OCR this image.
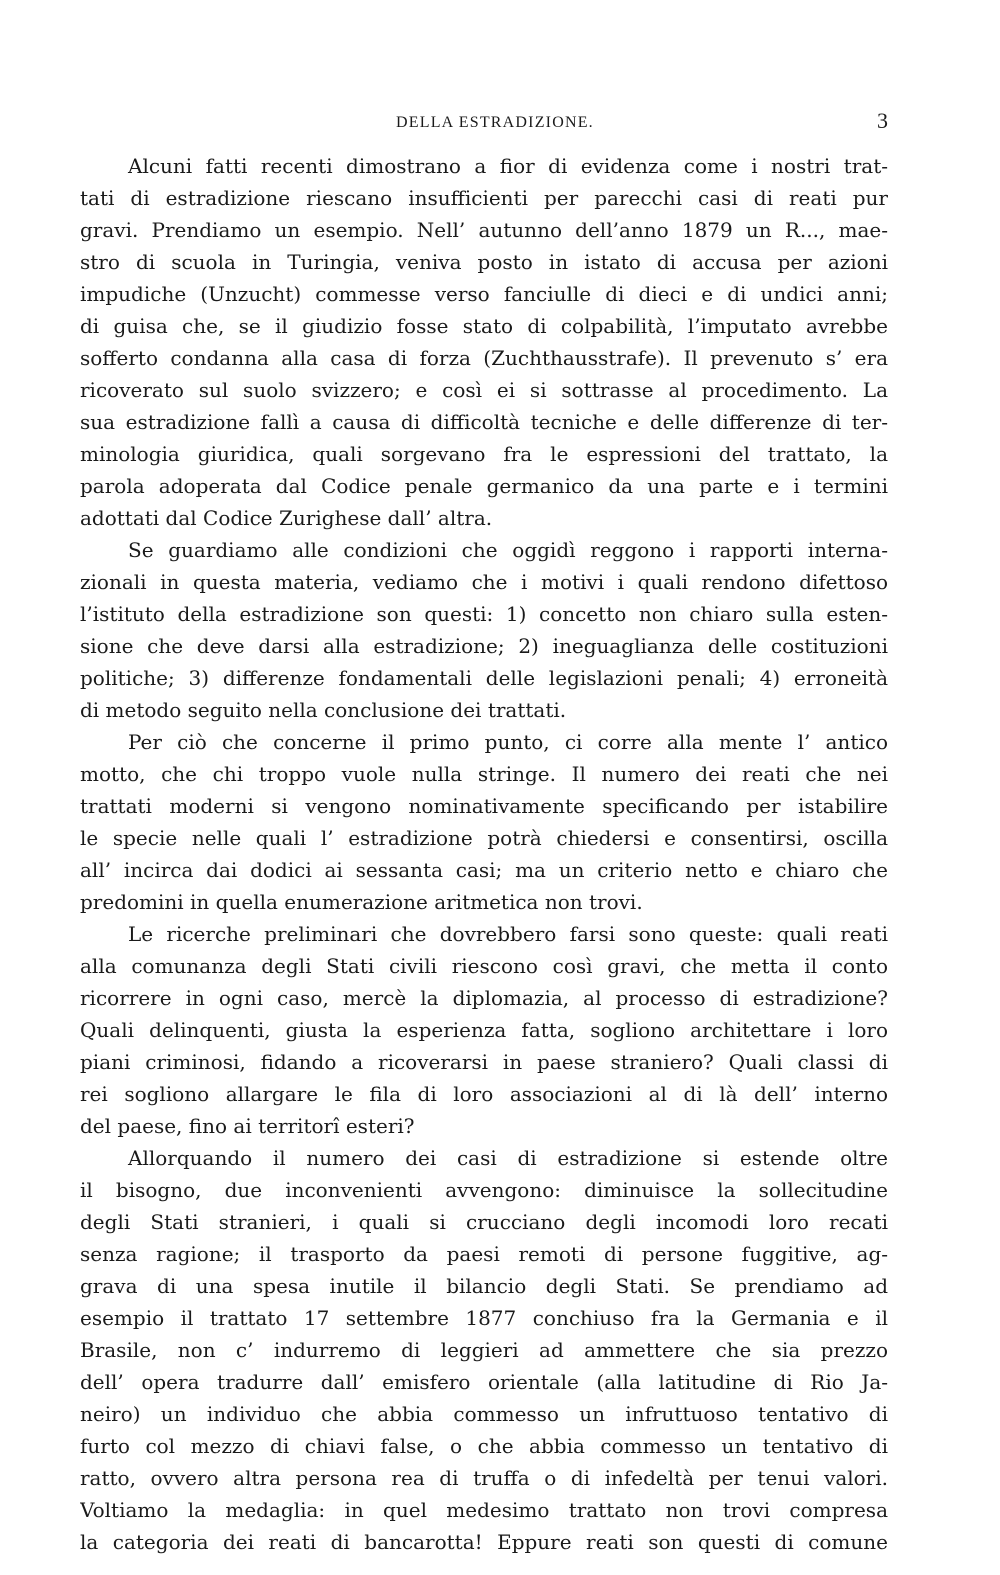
DELLA ESTRADIZIONE.	3
Alcuni fatti recenti dimostrano a fior di evidenza come i nostri trat-
tati di estradizione riescano insufficienti per parecchi casi di reati pur
gravi. Prendiamo un esempio. Nell’ autunno dell’anno 1879 un R..., mae-
stro di scuola in Turingia, veniva posto in istato di accusa per azioni
impudiche (Unzucht) commesse verso fanciulle di dieci e di undici anni;
di guisa che, se il giudizio fosse stato di colpabilità, l’imputato avrebbe
sofferto condanna alla casa di forza (Zuchthausstrafe). Il prevenuto s’ era
ricoverato sul suolo svizzero; e così ei si sottrasse al procedimento. La
sua estradizione fallì a causa di difficoltà tecniche e delle differenze di ter-
minologia giuridica, quali sorgevano fra le espressioni del trattato, la
parola adoperata dal Codice penale germanico da una parte e i termini
adottati dal Codice Zurighese dall’ altra.
Se guardiamo alle condizioni che oggidì reggono i rapporti interna-
zionali in questa materia, vediamo che i motivi i quali rendono difettoso
l’istituto della estradizione son questi: 1) concetto non chiaro sulla esten-
sione che deve darsi alla estradizione; 2) ineguaglianza delle costituzioni
politiche; 3) differenze fondamentali delle legislazioni penali; 4) erroneità
di metodo seguito nella conclusione dei trattati.
Per ciò che concerne il primo punto, ci corre alla mente l’ antico
motto, che chi troppo vuole nulla stringe. Il numero dei reati che nei
trattati moderni si vengono nominativamente specificando per istabilire
le specie nelle quali l’ estradizione potrà chiedersi e consentirsi, oscilla
all’ incirca dai dodici ai sessanta casi; ma un criterio netto e chiaro che
predomini in quella enumerazione aritmetica non trovi.
Le ricerche preliminari che dovrebbero farsi sono queste: quali reati
alla comunanza degli Stati civili riescono così gravi, che metta il conto
ricorrere in ogni caso, mercè la diplomazia, al processo di estradizione?
Quali delinquenti, giusta la esperienza fatta, sogliono architettare i loro
piani criminosi, fidando a ricoverarsi in paese straniero? Quali classi di
rei sogliono allargare le fila di loro associazioni al di là dell’ interno
del paese, fino ai territorî esteri?
Allorquando il numero dei casi di estradizione si estende oltre
il bisogno, due inconvenienti avvengono: diminuisce la sollecitudine
degli Stati stranieri, i quali si crucciano degli incomodi loro recati
senza ragione; il trasporto da paesi remoti di persone fuggitive, ag-
grava di una spesa inutile il bilancio degli Stati. Se prendiamo ad
esempio il trattato 17 settembre 1877 conchiuso fra la Germania e il
Brasile, non c’ indurremo di leggieri ad ammettere che sia prezzo
dell’ opera tradurre dall’ emisfero orientale (alla latitudine di Rio Ja-
neiro) un individuo che abbia commesso un infruttuoso tentativo di
furto col mezzo di chiavi false, o che abbia commesso un tentativo di
ratto, ovvero altra persona rea di truffa o di infedeltà per tenui valori.
Voltiamo la medaglia: in quel medesimo trattato non trovi compresa
la categoria dei reati di bancarotta! Eppure reati son questi di comune
